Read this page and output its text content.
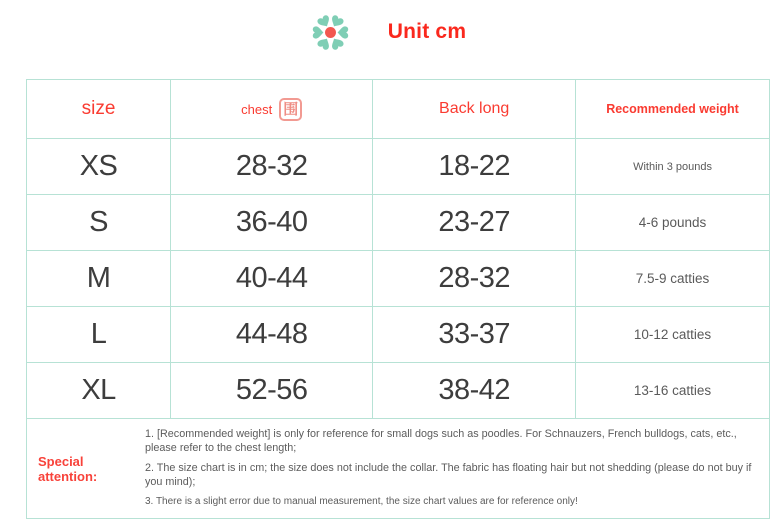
Unit cm
size	chest 围	Back long	Recommended weight
XS	28-32	18-22	Within 3 pounds
S	36-40	23-27	4-6 pounds
M	40-44	28-32	7.5-9 catties
L	44-48	33-37	10-12 catties
XL	52-56	38-42	13-16 catties

Special attention:

1. [Recommended weight] is only for reference for small dogs such as poodles. For Schnauzers, French bulldogs, cats, etc., please refer to the chest length;

2. The size chart is in cm; the size does not include the collar. The fabric has floating hair but not shedding (please do not buy if you mind);

3. There is a slight error due to manual measurement, the size chart values are for reference only!			
